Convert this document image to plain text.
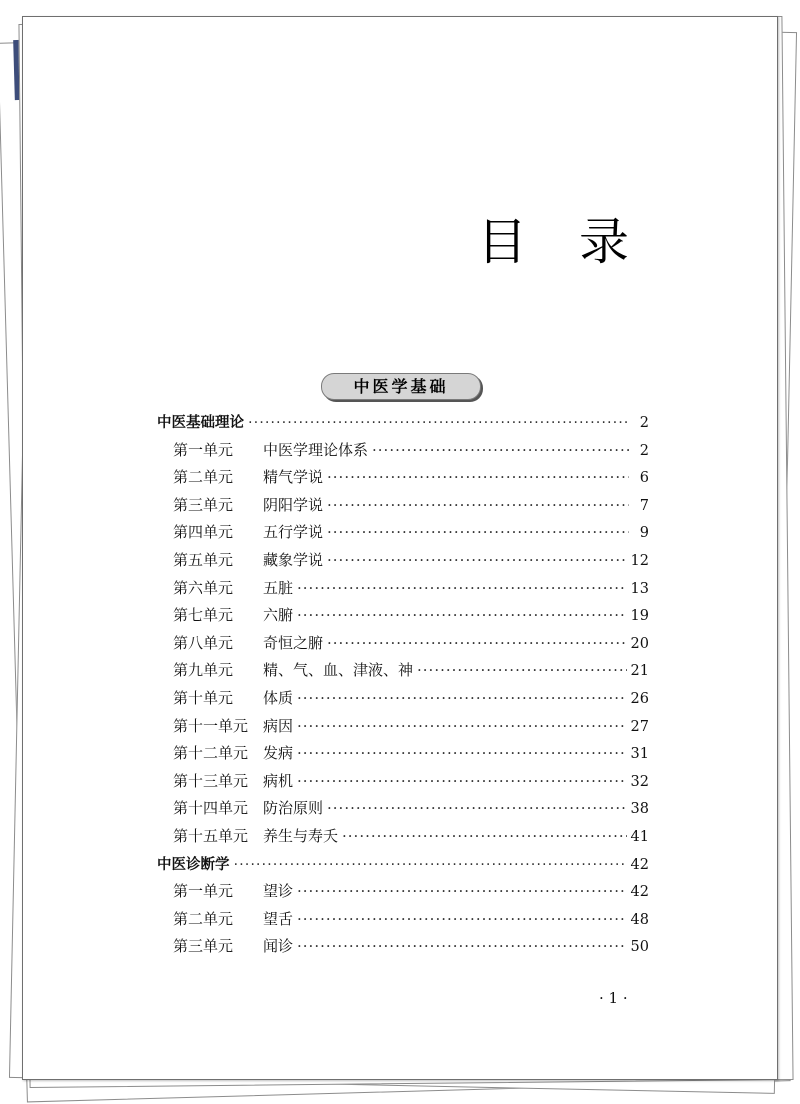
目 录
中医学基础
中医基础理论 ·····	2
第一单元	中医学理论体系 ·····	2
第二单元	精气学说 ·····	6
第三单元	阴阳学说 ·····	7
第四单元	五行学说 ·····	9
第五单元	藏象学说 ·····	12
第六单元	五脏 ·····	13
第七单元	六腑 ·····	19
第八单元	奇恒之腑 ·····	20
第九单元	精、气、血、津液、神 ·····	21
第十单元	体质 ·····	26
第十一单元 病因 ·····	27
第十二单元 发病 ·····	31
第十三单元 病机 ·····	32
第十四单元 防治原则 ·····	38
第十五单元 养生与寿夭 ·····	41
中医诊断学 ·····	42
第一单元	望诊 ·····	42
第二单元	望舌 ·····	48
第三单元	闻诊 ·····	50
· 1 ·
